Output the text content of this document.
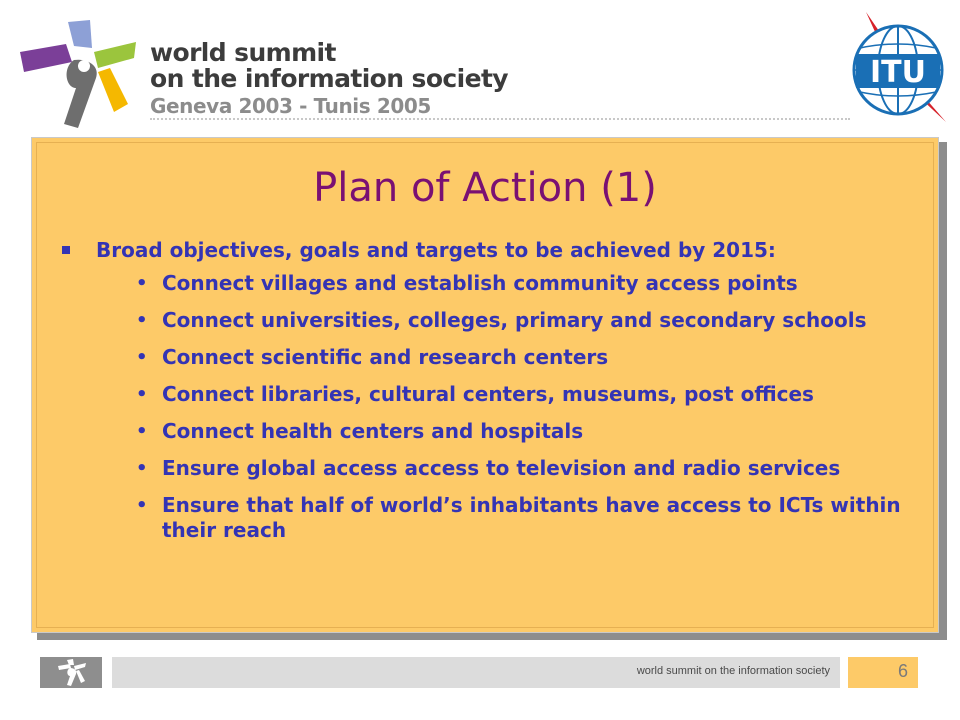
world summit
on the information society
Geneva 2003 - Tunis 2005
ITU
Plan of Action (1)
Broad objectives, goals and targets to be achieved by 2015:
• Connect villages and establish community access points
• Connect universities, colleges, primary and secondary schools
• Connect scientific and research centers
• Connect libraries, cultural centers, museums, post offices
• Connect health centers and hospitals
• Ensure global access access to television and radio services
• Ensure that half of world’s inhabitants have access to ICTs within their reach
world summit on the information society	6
